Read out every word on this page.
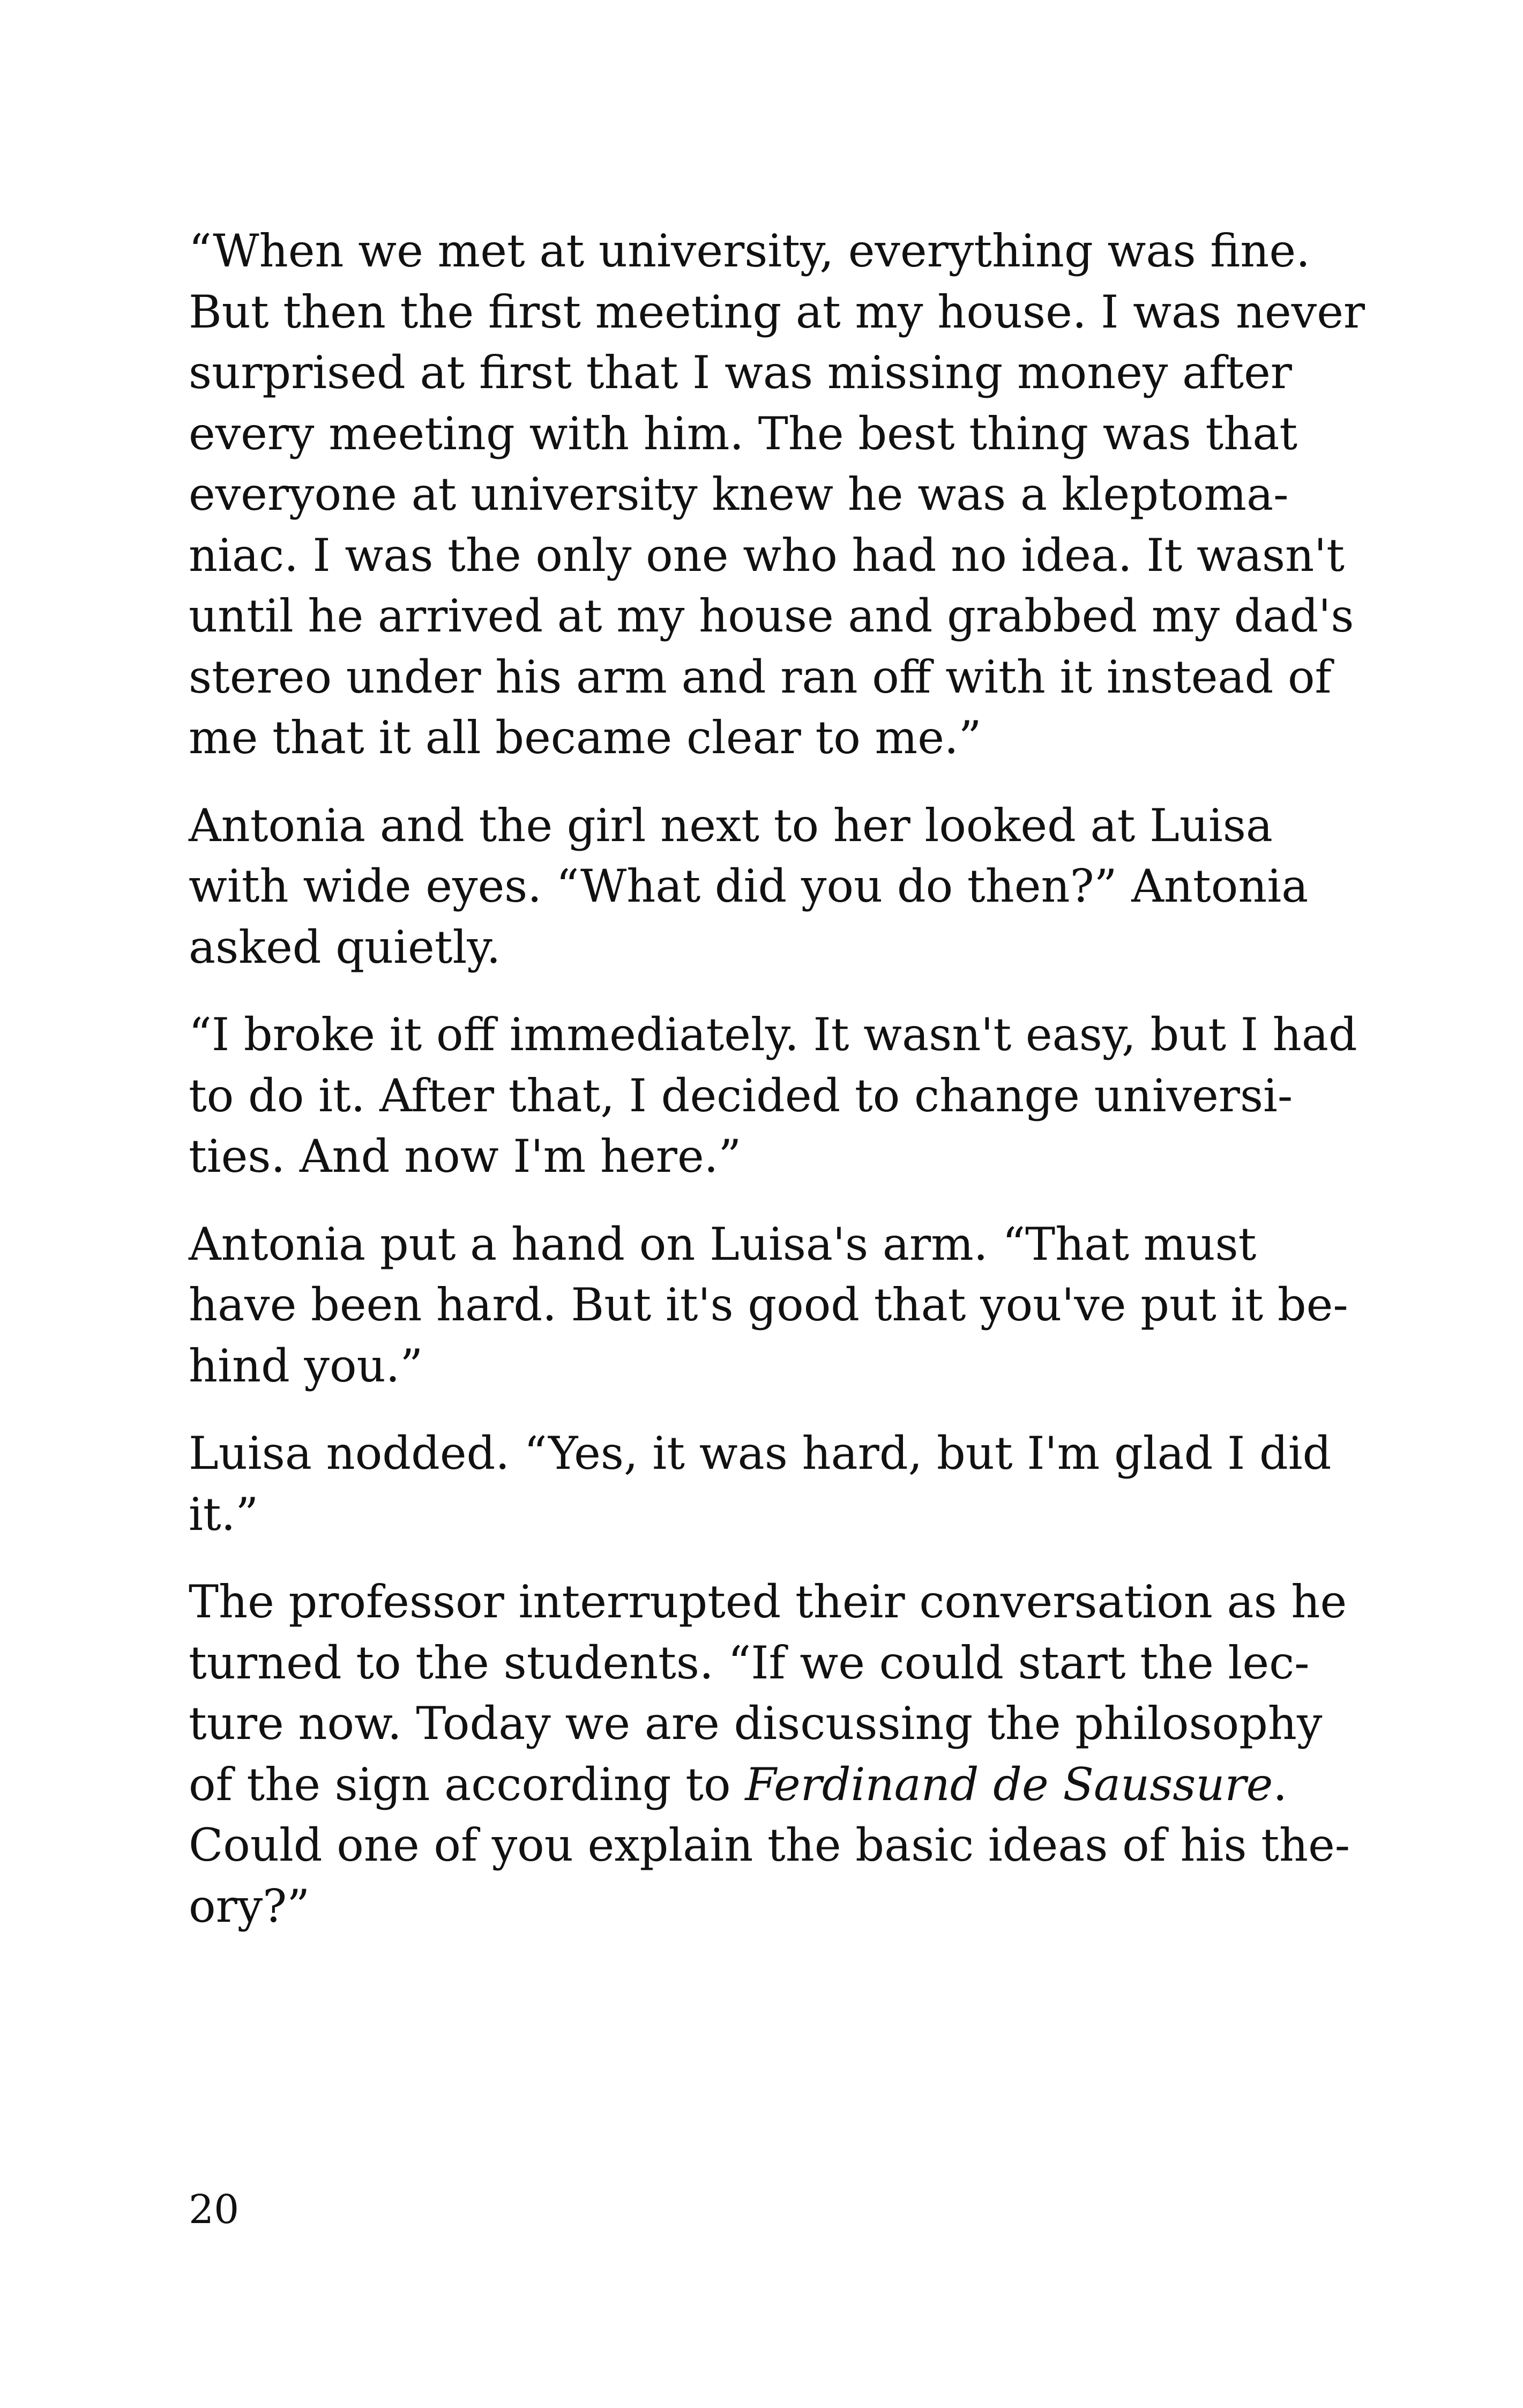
“When we met at university, everything was fine.
But then the first meeting at my house. I was never
surprised at first that I was missing money after
every meeting with him. The best thing was that
everyone at university knew he was a kleptoma-
niac. I was the only one who had no idea. It wasn't
until he arrived at my house and grabbed my dad's
stereo under his arm and ran off with it instead of
me that it all became clear to me.”

Antonia and the girl next to her looked at Luisa
with wide eyes. “What did you do then?” Antonia
asked quietly.

“I broke it off immediately. It wasn't easy, but I had
to do it. After that, I decided to change universi-
ties. And now I'm here.”

Antonia put a hand on Luisa's arm. “That must
have been hard. But it's good that you've put it be-
hind you.”

Luisa nodded. “Yes, it was hard, but I'm glad I did
it.”

The professor interrupted their conversation as he
turned to the students. “If we could start the lec-
ture now. Today we are discussing the philosophy
of the sign according to Ferdinand de Saussure.
Could one of you explain the basic ideas of his the-
ory?”

20
